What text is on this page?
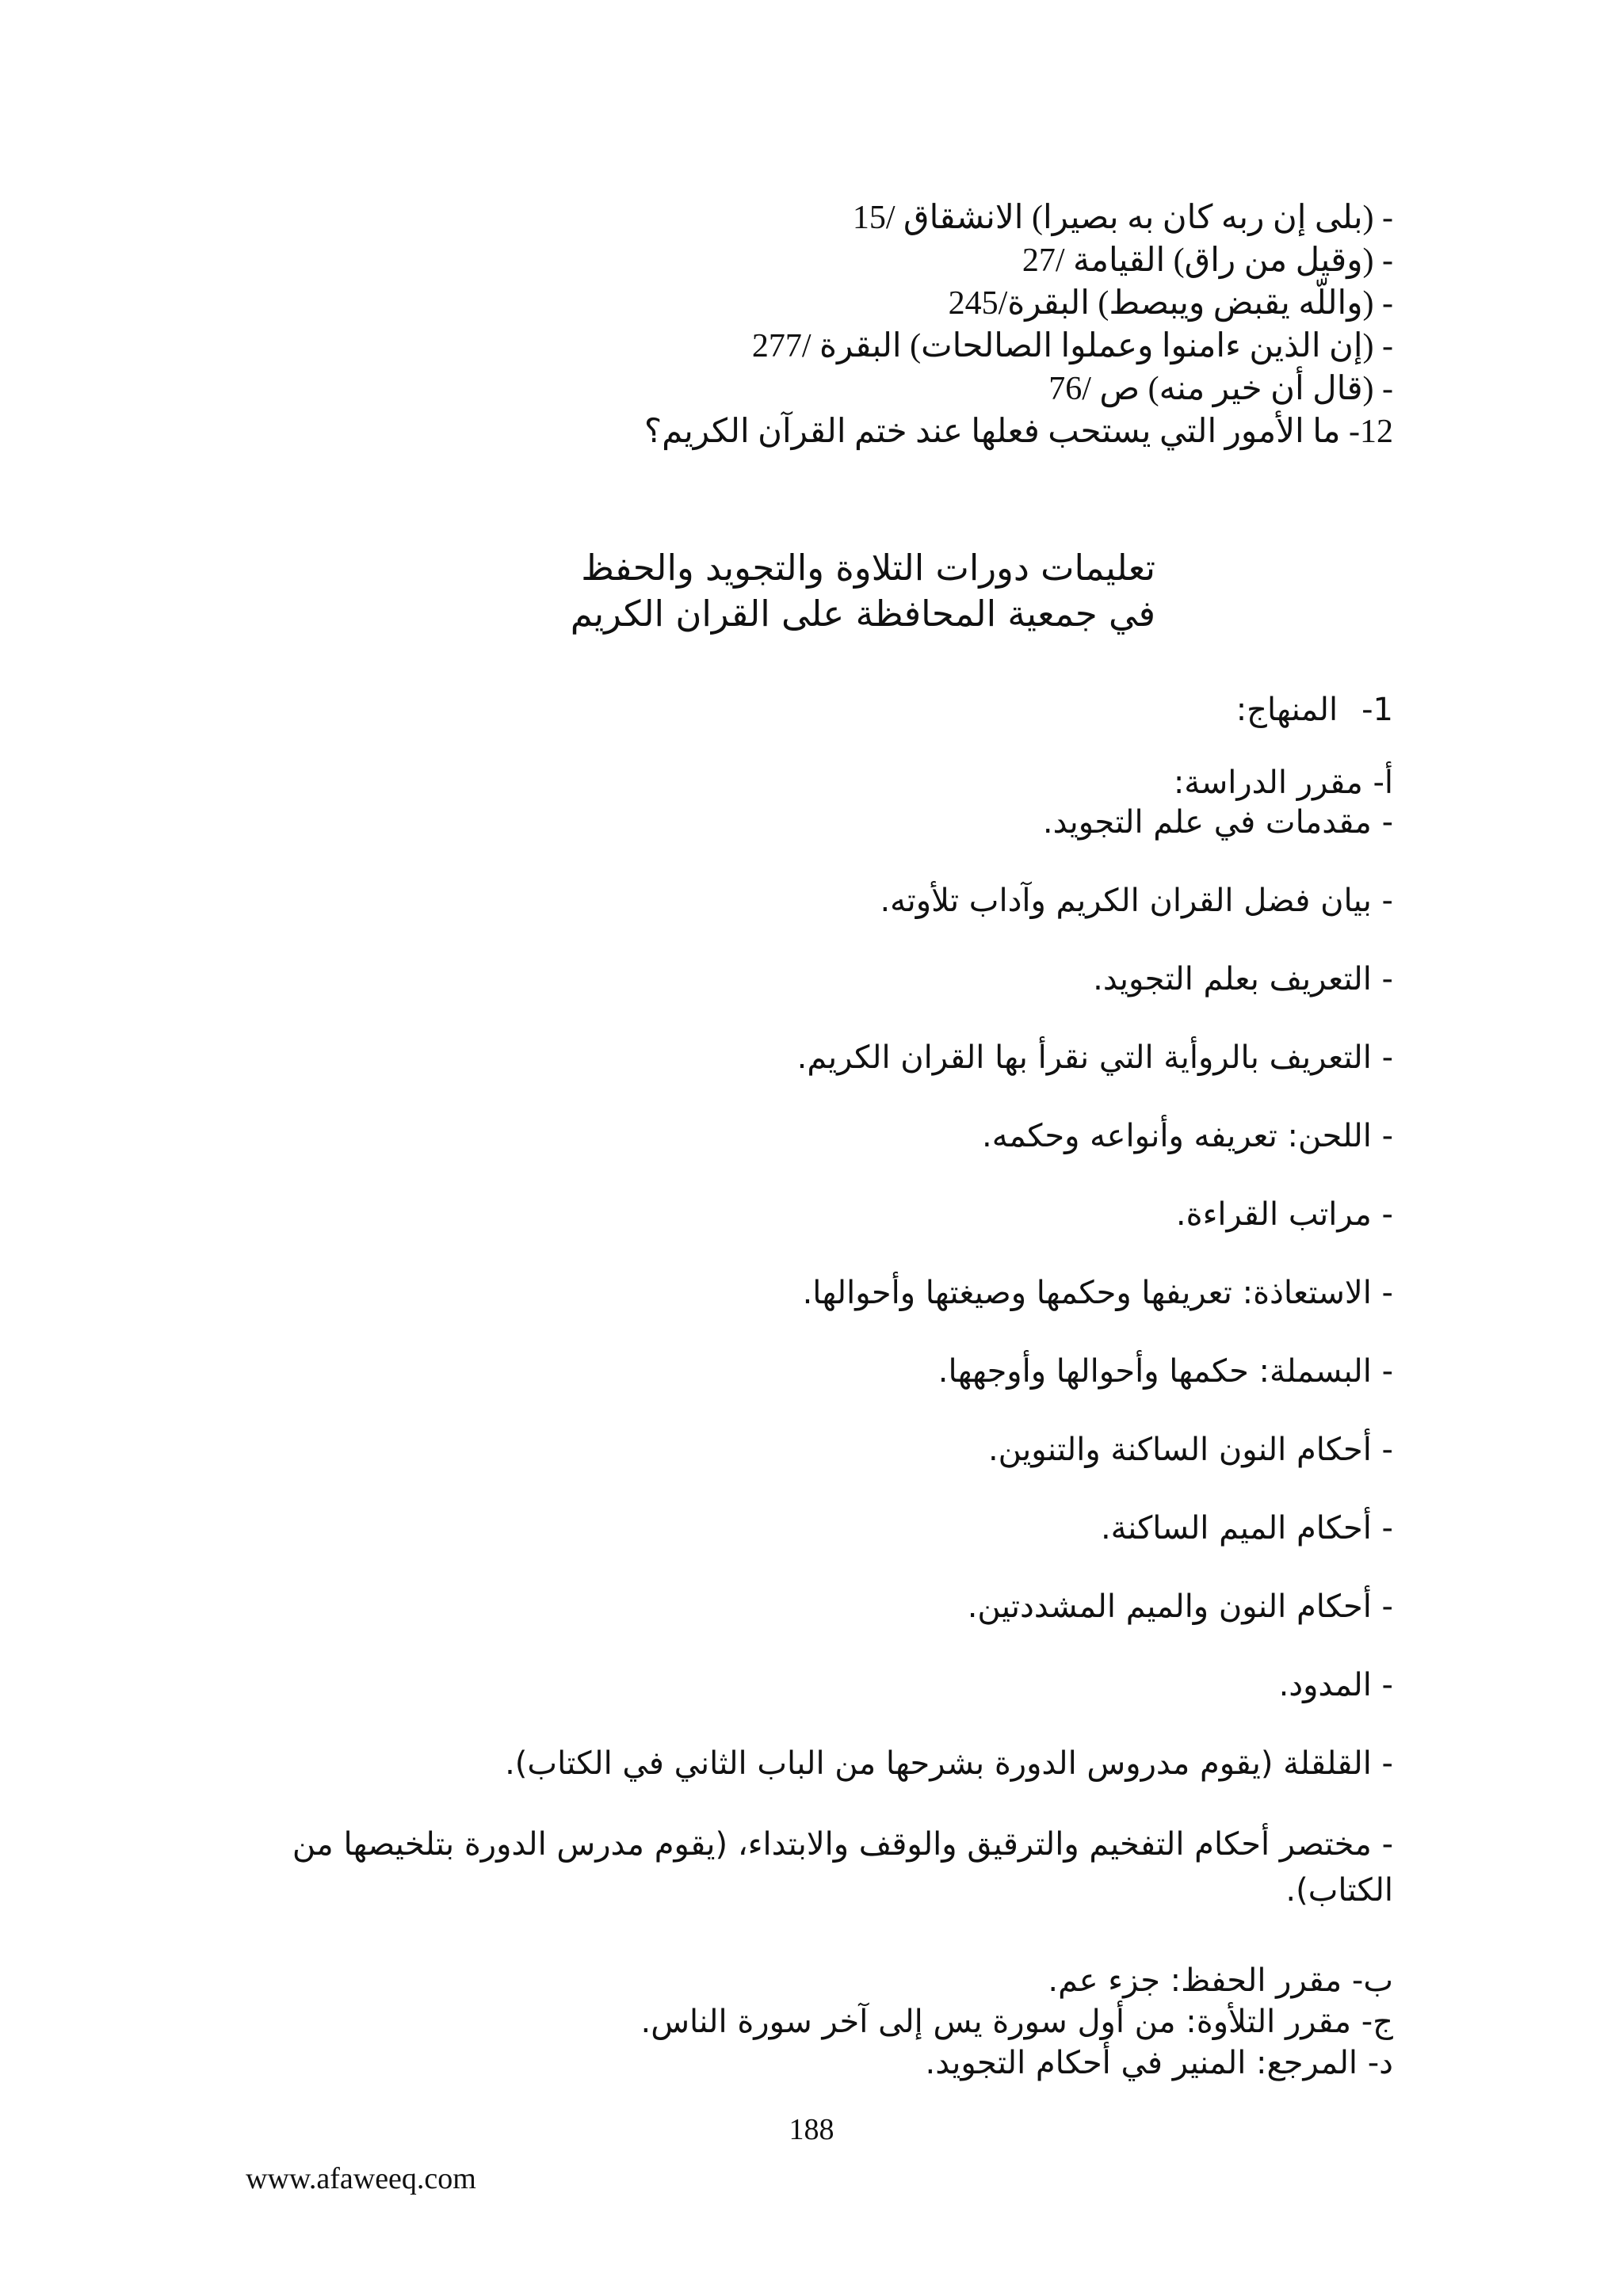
- (بلى إن ربه كان به بصيرا) الانشقاق /15
- (وقيل من راق) القيامة /27
- (واللّه يقبض ويبصط) البقرة/245
- (إن الذين ءامنوا وعملوا الصالحات) البقرة /277
- (قال أن خير منه) ص /76
12- ما الأمور التي يستحب فعلها عند ختم القرآن الكريم؟
تعليمات دورات التلاوة والتجويد والحفظ
في جمعية المحافظة على القران الكريم
1-المنهاج:
أ- مقرر الدراسة:
- مقدمات في علم التجويد.
- بيان فضل القران الكريم وآداب تلأوته.
- التعريف بعلم التجويد.
- التعريف بالروأية التي نقرأ بها القران الكريم.
- اللحن: تعريفه وأنواعه وحكمه.
- مراتب القراءة.
- الاستعاذة: تعريفها وحكمها وصيغتها وأحوالها.
- البسملة: حكمها وأحوالها وأوجهها.
- أحكام النون الساكنة والتنوين.
- أحكام الميم الساكنة.
- أحكام النون والميم المشددتين.
- المدود.
- القلقلة (يقوم مدروس الدورة بشرحها من الباب الثاني في الكتاب).
- مختصر أحكام التفخيم والترقيق والوقف والابتداء، (يقوم مدرس الدورة بتلخيصها من الكتاب).
ب- مقرر الحفظ: جزء عم.
ج- مقرر التلأوة: من أول سورة يس إلى آخر سورة الناس.
د- المرجع: المنير في أحكام التجويد.
188
www.afaweeq.com
